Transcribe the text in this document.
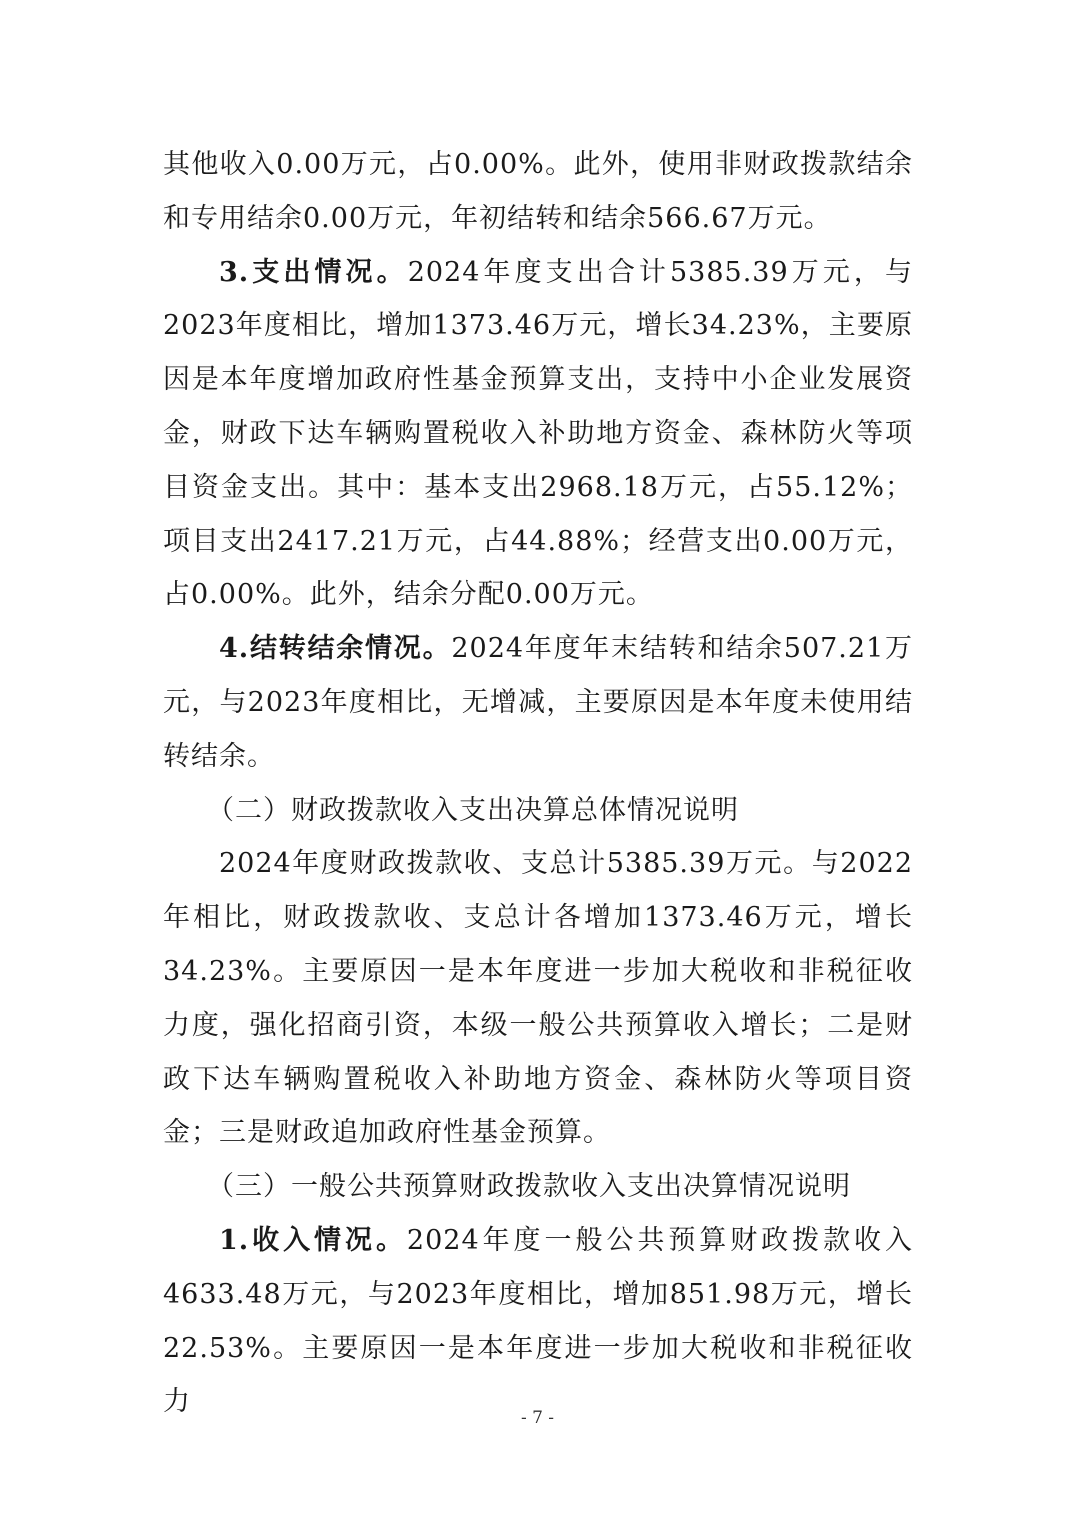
其他收入0.00万元，占0.00%。此外，使用非财政拨款结余和专用结余0.00万元，年初结转和结余566.67万元。

3.支出情况。2024年度支出合计5385.39万元，与2023年度相比，增加1373.46万元，增长34.23%，主要原因是本年度增加政府性基金预算支出，支持中小企业发展资金，财政下达车辆购置税收入补助地方资金、森林防火等项目资金支出。其中：基本支出2968.18万元，占55.12%；项目支出2417.21万元，占44.88%；经营支出0.00万元，占0.00%。此外，结余分配0.00万元。

4.结转结余情况。2024年度年末结转和结余507.21万元，与2023年度相比，无增减，主要原因是本年度未使用结转结余。

（二）财政拨款收入支出决算总体情况说明

2024年度财政拨款收、支总计5385.39万元。与2022年相比，财政拨款收、支总计各增加1373.46万元，增长34.23%。主要原因一是本年度进一步加大税收和非税征收力度，强化招商引资，本级一般公共预算收入增长；二是财政下达车辆购置税收入补助地方资金、森林防火等项目资金；三是财政追加政府性基金预算。

（三）一般公共预算财政拨款收入支出决算情况说明

1.收入情况。2024年度一般公共预算财政拨款收入4633.48万元，与2023年度相比，增加851.98万元，增长22.53%。主要原因一是本年度进一步加大税收和非税征收力

- 7 -
